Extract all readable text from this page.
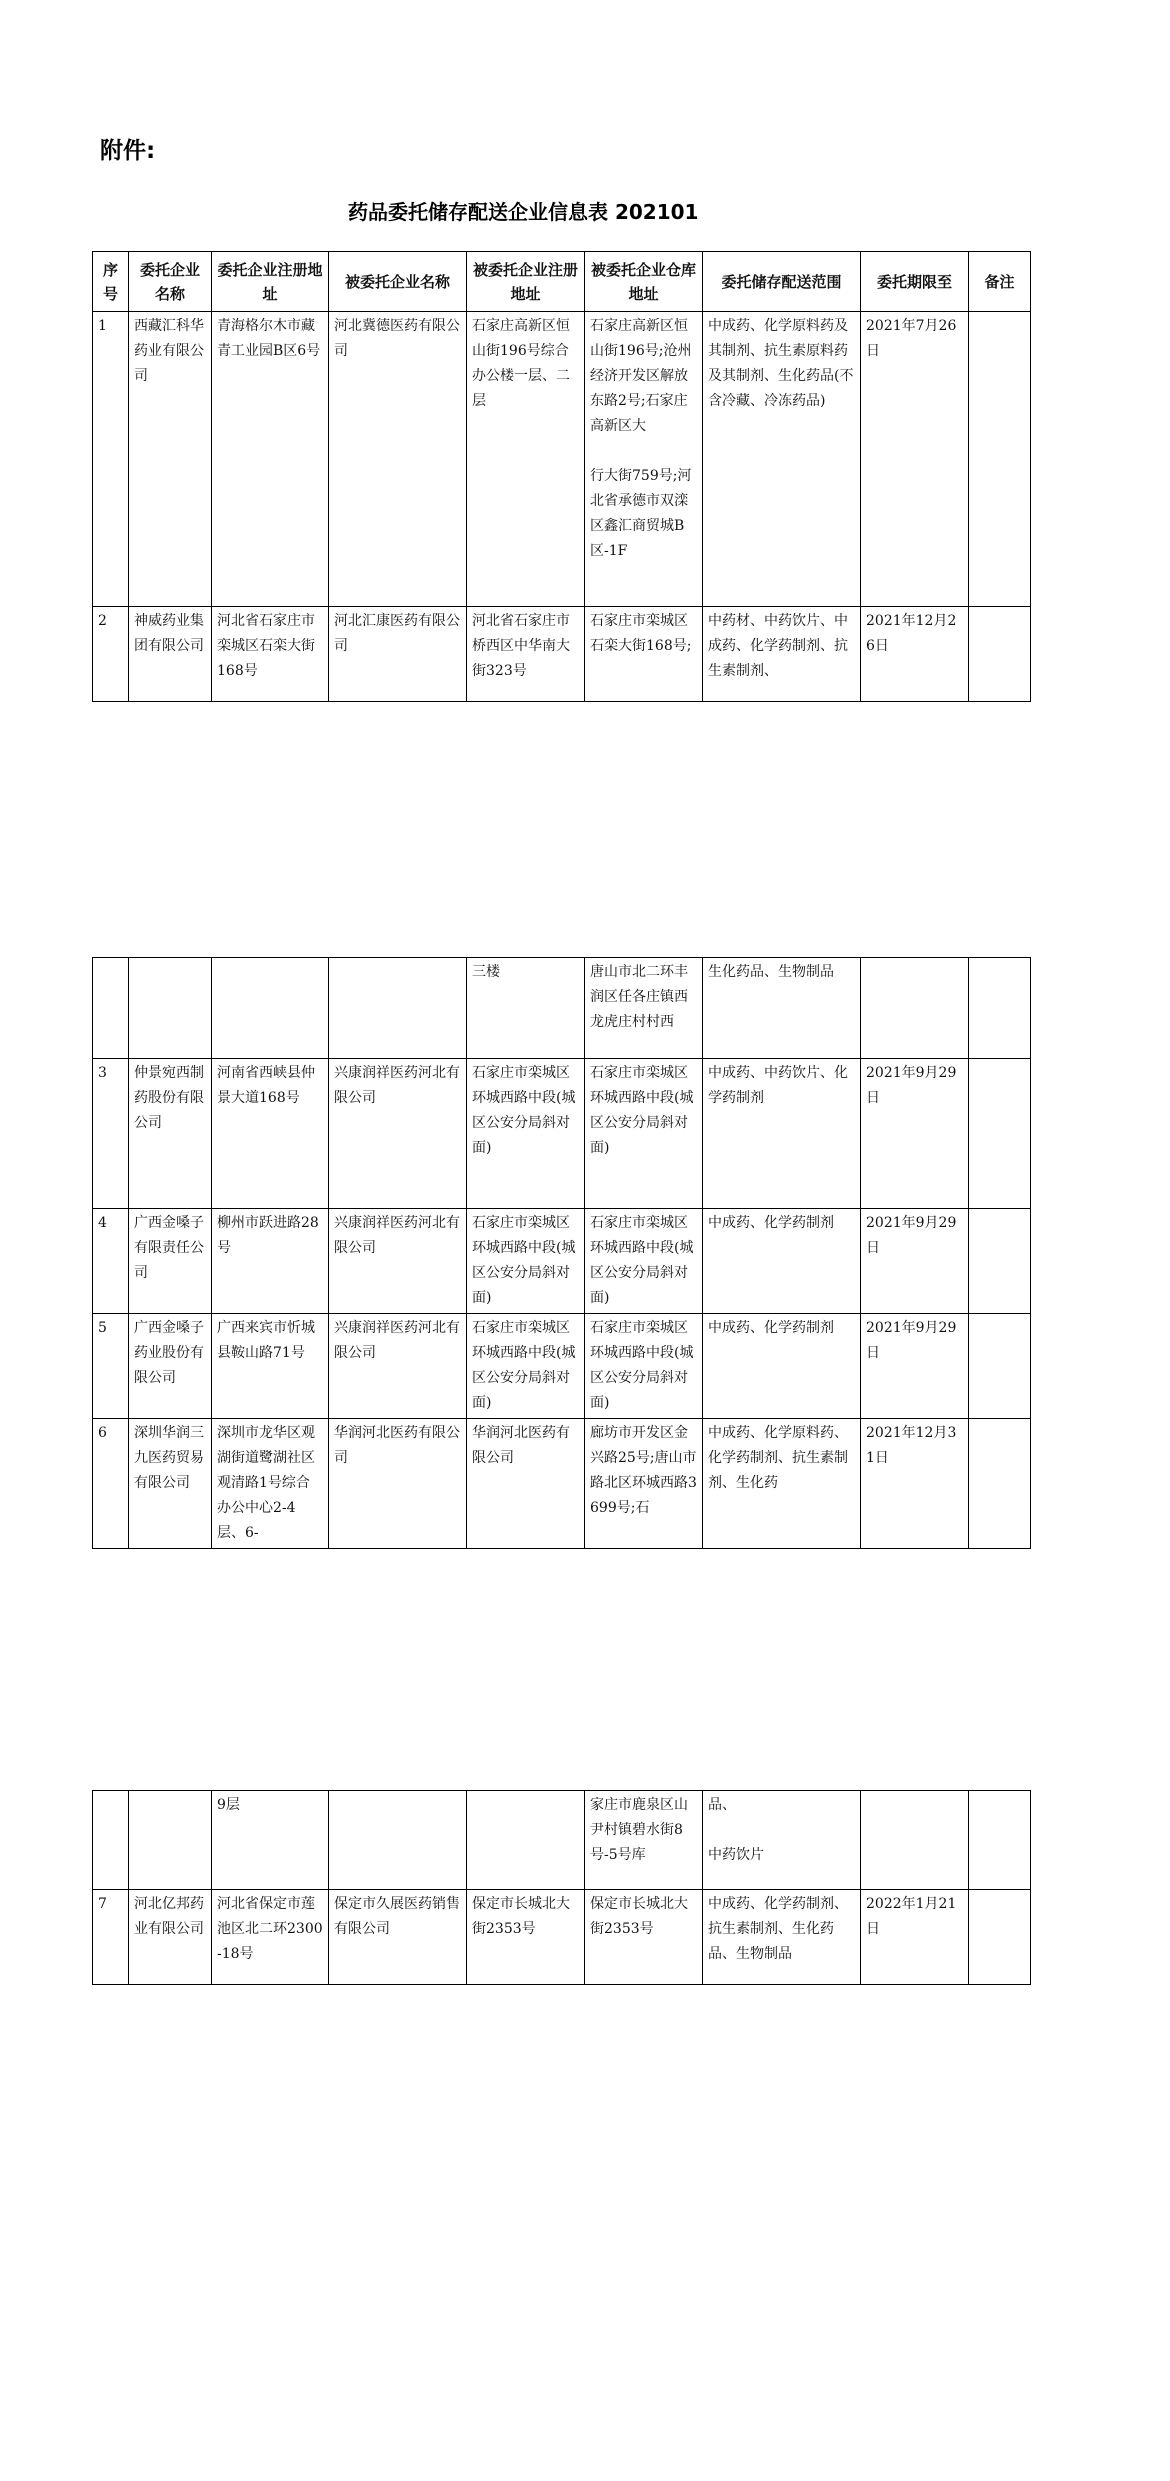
附件:
药品委托储存配送企业信息表 202101
序号	委托企业名称	委托企业注册地址	被委托企业名称	被委托企业注册地址	被委托企业仓库地址	委托储存配送范围	委托期限至	备注
1	西藏汇科华药业有限公司	青海格尔木市藏青工业园B区6号	河北冀德医药有限公司	石家庄高新区恒山街196号综合办公楼一层、二层	石家庄高新区恒山街196号;沧州经济开发区解放东路2号;石家庄高新区大

行大街759号;河北省承德市双滦区鑫汇商贸城B区-1F	中成药、化学原料药及其制剂、抗生素原料药及其制剂、生化药品(不含冷藏、冷冻药品)	2021年7月26日	
2	神威药业集团有限公司	河北省石家庄市栾城区石栾大街168号	河北汇康医药有限公司	河北省石家庄市桥西区中华南大街323号	石家庄市栾城区石栾大街168号;	中药材、中药饮片、中成药、化学药制剂、抗生素制剂、	2021年12月26日	
				三楼	唐山市北二环丰润区任各庄镇西龙虎庄村村西	生化药品、生物制品		
3	仲景宛西制药股份有限公司	河南省西峡县仲景大道168号	兴康润祥医药河北有限公司	石家庄市栾城区环城西路中段(城区公安分局斜对面)	石家庄市栾城区环城西路中段(城区公安分局斜对面)	中成药、中药饮片、化学药制剂	2021年9月29日	
4	广西金嗓子有限责任公司	柳州市跃进路28号	兴康润祥医药河北有限公司	石家庄市栾城区环城西路中段(城区公安分局斜对面)	石家庄市栾城区环城西路中段(城区公安分局斜对面)	中成药、化学药制剂	2021年9月29日	
5	广西金嗓子药业股份有限公司	广西来宾市忻城县鞍山路71号	兴康润祥医药河北有限公司	石家庄市栾城区环城西路中段(城区公安分局斜对面)	石家庄市栾城区环城西路中段(城区公安分局斜对面)	中成药、化学药制剂	2021年9月29日	
6	深圳华润三九医药贸易有限公司	深圳市龙华区观湖街道鹭湖社区观清路1号综合办公中心2-4层、6-	华润河北医药有限公司	华润河北医药有限公司	廊坊市开发区金兴路25号;唐山市路北区环城西路3699号;石	中成药、化学原料药、化学药制剂、抗生素制剂、生化药	2021年12月31日	
		9层			家庄市鹿泉区山尹村镇碧水街8号-5号库	品、

中药饮片		
7	河北亿邦药业有限公司	河北省保定市莲池区北二环2300-18号	保定市久展医药销售有限公司	保定市长城北大街2353号	保定市长城北大街2353号	中成药、化学药制剂、抗生素制剂、生化药品、生物制品	2022年1月21日	
